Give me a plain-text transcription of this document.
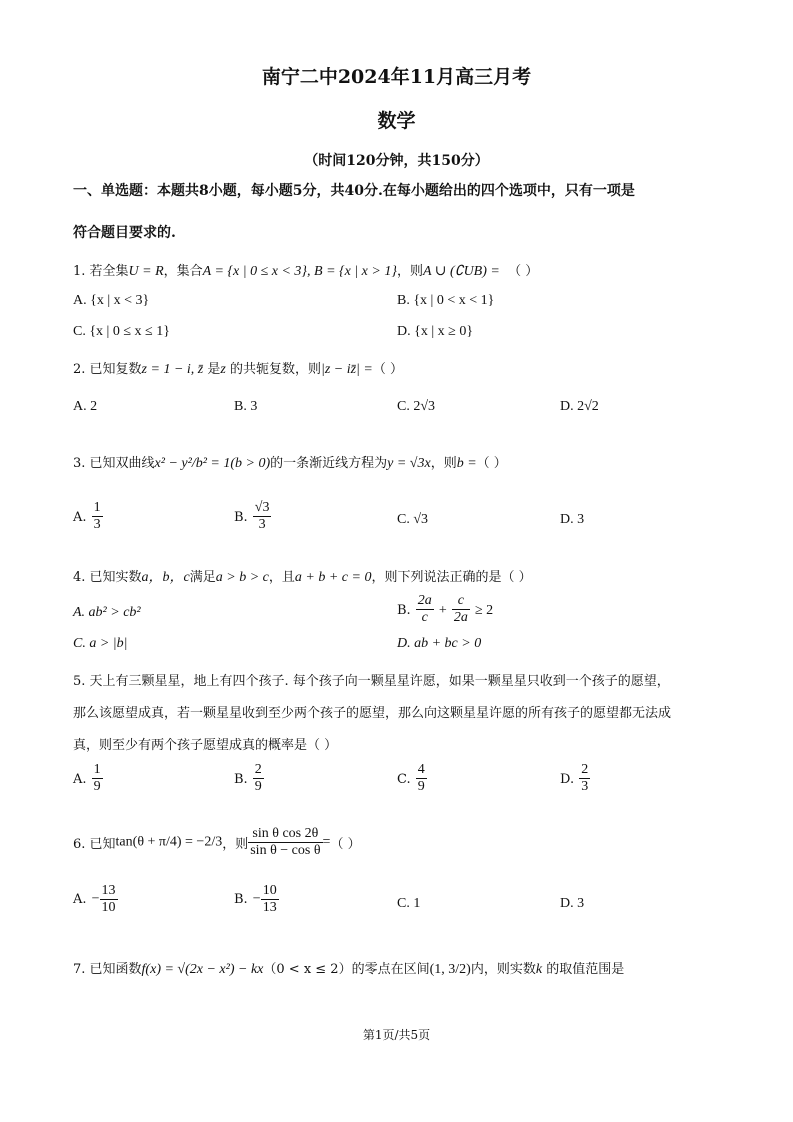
南宁二中2024年11月高三月考
数学
（时间120分钟，共150分）
一、单选题：本题共8小题，每小题5分，共40分.在每小题给出的四个选项中，只有一项是
符合题目要求的.
1. 若全集U = R，集合A = {x | 0 ≤ x < 3}, B = {x | x > 1}，则A ∪ (∁UB) = （ ）
A. {x | x < 3}	B. {x | 0 < x < 1}
C. {x | 0 ≤ x ≤ 1}	D. {x | x ≥ 0}
2. 已知复数z = 1 − i, z̄ 是z 的共轭复数，则|z − iz̄| =（ ）
A. 2	B. 3	C. 2√3	D. 2√2
3. 已知双曲线x² − y²/b² = 1(b > 0)的一条渐近线方程为y = √3x，则b =（ ）
A. $\frac{1}{3}$	B. $\frac{√3}{3}$	C. √3	D. 3
4. 已知实数a，b，c满足a > b > c，且a + b + c = 0，则下列说法正确的是（ ）
A. ab² > cb²	B. $\frac{2a}{c} + \frac{c}{2a} \ge 2$
C. a > |b|	D. ab + bc > 0
5. 天上有三颗星星，地上有四个孩子. 每个孩子向一颗星星许愿，如果一颗星星只收到一个孩子的愿望，
那么该愿望成真，若一颗星星收到至少两个孩子的愿望，那么向这颗星星许愿的所有孩子的愿望都无法成
真，则至少有两个孩子愿望成真的概率是（ ）
A. $\frac{1}{9}$	B. $\frac{2}{9}$	C. $\frac{4}{9}$	D. $\frac{2}{3}$
6. 已知tan(θ + π/4) = −2/3，则 $\frac{\text{sin θ cos 2θ}}{\text{sin θ − cos θ}}$ =（ ）
A. − $\frac{13}{10}$	B. − $\frac{10}{13}$	C. 1	D. 3
7. 已知函数f(x) = √(2x − x²) − kx（0 < x ≤ 2）的零点在区间(1, 3/2)内，则实数k 的取值范围是
第1页/共5页
